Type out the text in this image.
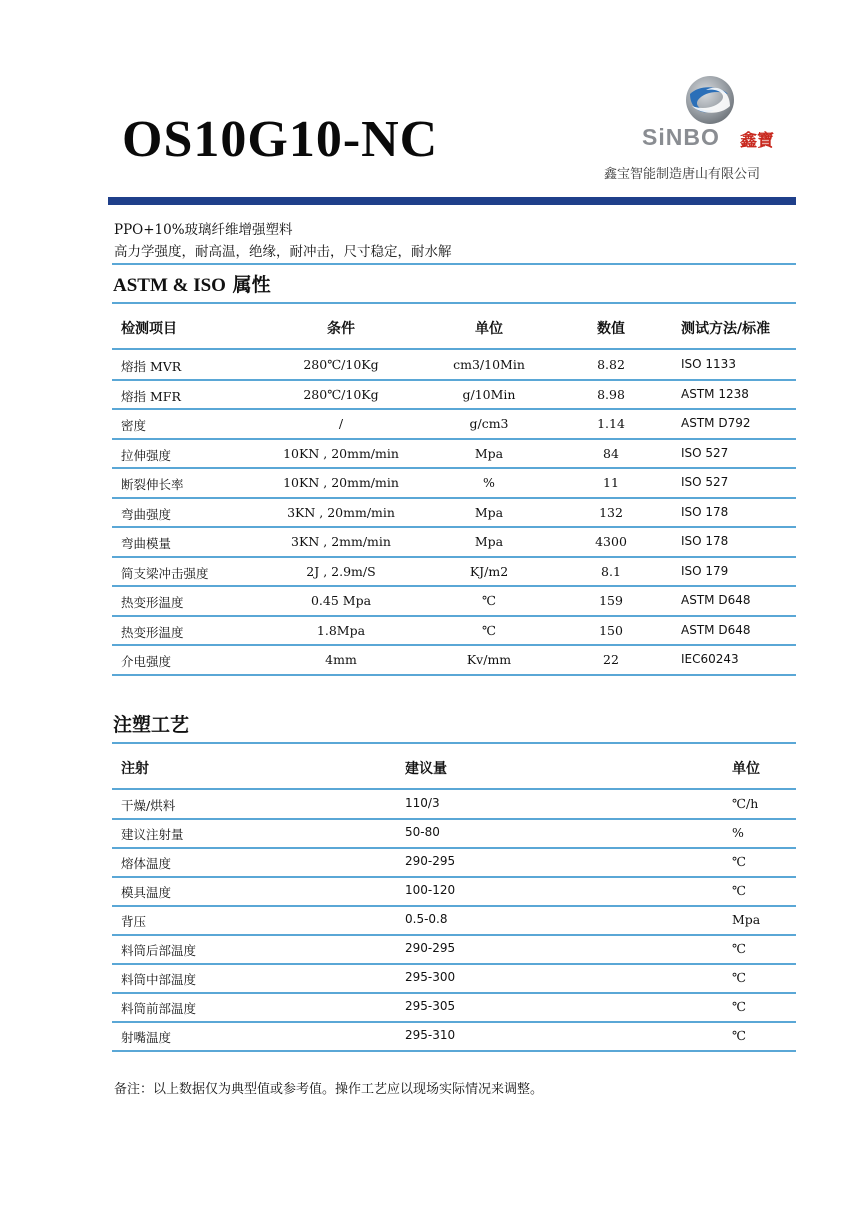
OS10G10-NC	SiNBO 鑫寶
鑫宝智能制造唐山有限公司
PPO+10%玻璃纤维增强塑料
高力学强度，耐高温，绝缘，耐冲击，尺寸稳定，耐水解
ASTM & ISO 属性
检测项目	条件	单位	数值	测试方法/标准
熔指 MVR	280℃/10Kg	cm3/10Min	8.82	ISO 1133
熔指 MFR	280℃/10Kg	g/10Min	8.98	ASTM 1238
密度	/	g/cm3	1.14	ASTM D792
拉伸强度	10KN , 20mm/min	Mpa	84	ISO 527
断裂伸长率	10KN , 20mm/min	%	11	ISO 527
弯曲强度	3KN , 20mm/min	Mpa	132	ISO 178
弯曲模量	3KN , 2mm/min	Mpa	4300	ISO 178
简支梁冲击强度	2J , 2.9m/S	KJ/m2	8.1	ISO 179
热变形温度	0.45 Mpa	℃	159	ASTM D648
热变形温度	1.8Mpa	℃	150	ASTM D648
介电强度	4mm	Kv/mm	22	IEC60243
注塑工艺
注射	建议量	单位
干燥/烘料	110/3	℃/h
建议注射量	50-80	%
熔体温度	290-295	℃
模具温度	100-120	℃
背压	0.5-0.8	Mpa
料筒后部温度	290-295	℃
料筒中部温度	295-300	℃
料筒前部温度	295-305	℃
射嘴温度	295-310	℃
备注：以上数据仅为典型值或参考值。操作工艺应以现场实际情况来调整。
